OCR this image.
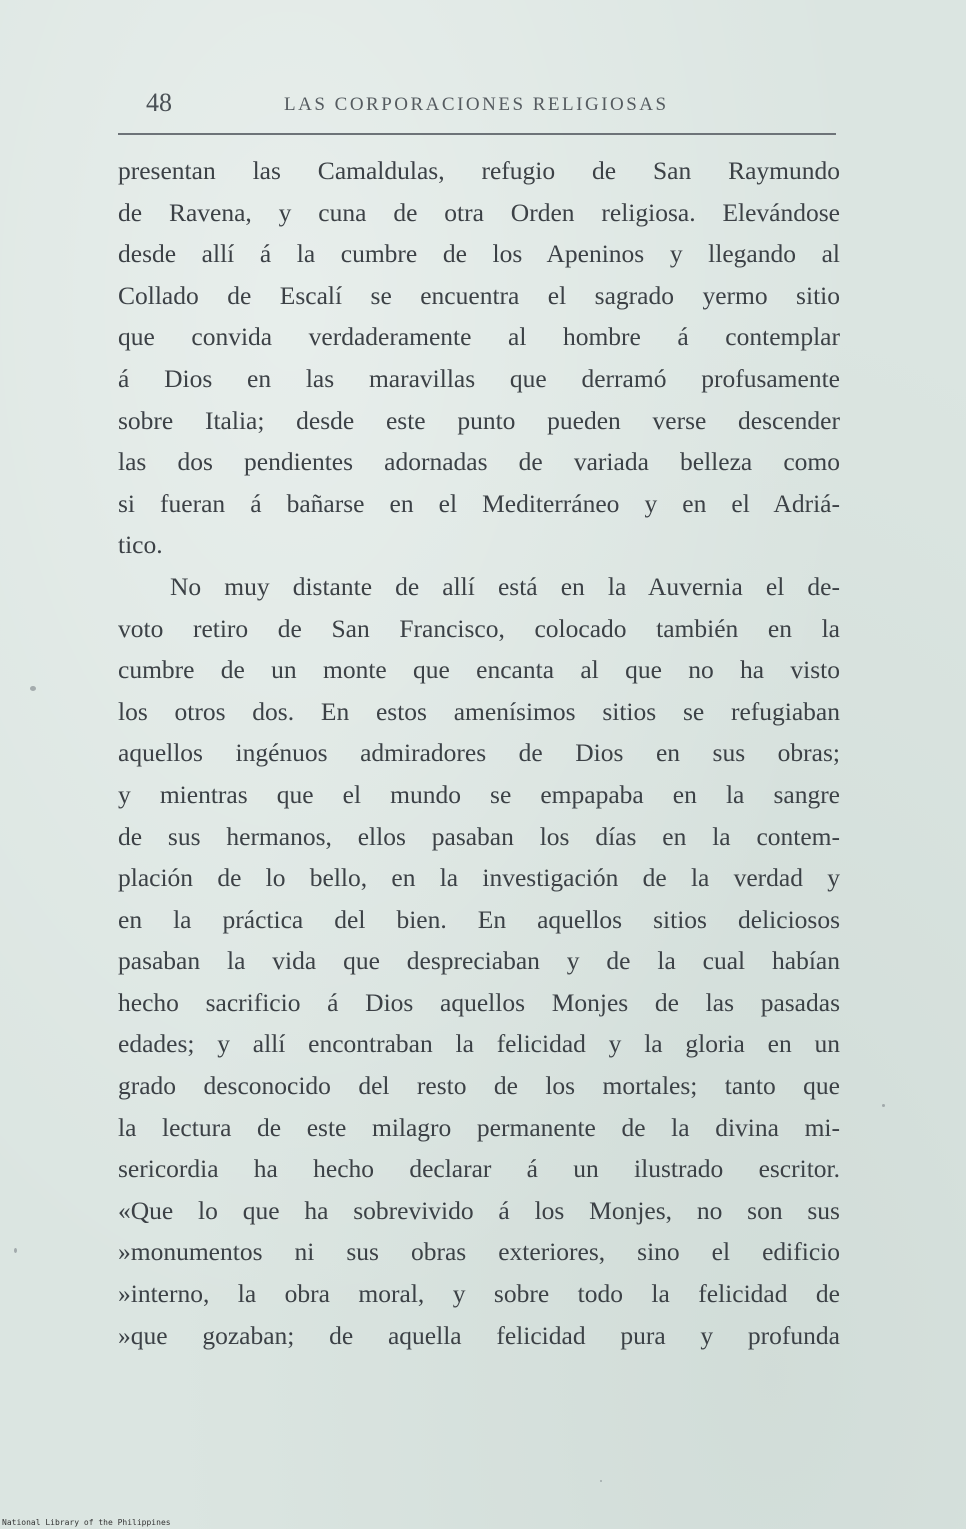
48	LAS CORPORACIONES RELIGIOSAS
presentan las Camaldulas, refugio de San Raymundo
de Ravena, y cuna de otra Orden religiosa. Elevándose
desde allí á la cumbre de los Apeninos y llegando al
Collado de Escalí se encuentra el sagrado yermo sitio
que convida verdaderamente al hombre á contemplar
á Dios en las maravillas que derramó profusamente
sobre Italia; desde este punto pueden verse descender
las dos pendientes adornadas de variada belleza como
si fueran á bañarse en el Mediterráneo y en el Adriá-
tico.
No muy distante de allí está en la Auvernia el de-
voto retiro de San Francisco, colocado también en la
cumbre de un monte que encanta al que no ha visto
los otros dos. En estos amenísimos sitios se refugiaban
aquellos ingénuos admiradores de Dios en sus obras;
y mientras que el mundo se empapaba en la sangre
de sus hermanos, ellos pasaban los días en la contem-
plación de lo bello, en la investigación de la verdad y
en la práctica del bien. En aquellos sitios deliciosos
pasaban la vida que despreciaban y de la cual habían
hecho sacrificio á Dios aquellos Monjes de las pasadas
edades; y allí encontraban la felicidad y la gloria en un
grado desconocido del resto de los mortales; tanto que
la lectura de este milagro permanente de la divina mi-
sericordia ha hecho declarar á un ilustrado escritor.
«Que lo que ha sobrevivido á los Monjes, no son sus
»monumentos ni sus obras exteriores, sino el edificio
»interno, la obra moral, y sobre todo la felicidad de
»que gozaban; de aquella felicidad pura y profunda
National Library of the Philippines
